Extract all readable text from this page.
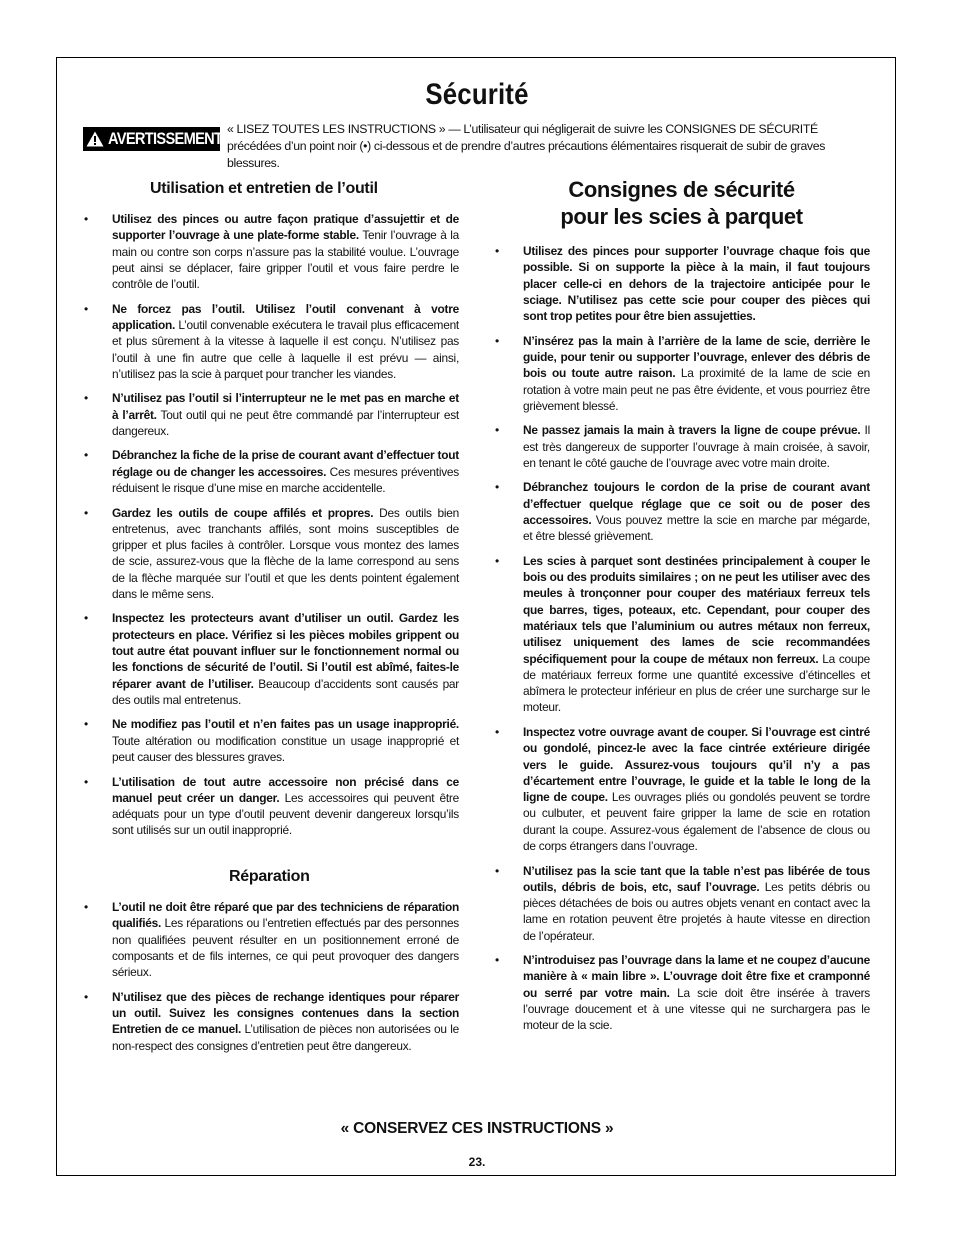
Sécurité
AVERTISSEMENT « LISEZ TOUTES LES INSTRUCTIONS » — L’utilisateur qui négligerait de suivre les CONSIGNES DE SÉCURITÉ précédées d’un point noir (•) ci-dessous et de prendre d’autres précautions élémentaires risquerait de subir de graves blessures.

Utilisation et entretien de l’outil
• Utilisez des pinces ou autre façon pratique d’assujettir et de supporter l’ouvrage à une plate-forme stable. Tenir l’ouvrage à la main ou contre son corps n’assure pas la stabilité voulue. L’ouvrage peut ainsi se déplacer, faire gripper l’outil et vous faire perdre le contrôle de l’outil.
• Ne forcez pas l’outil. Utilisez l’outil convenant à votre application. L’outil convenable exécutera le travail plus efficacement et plus sûrement à la vitesse à laquelle il est conçu. N’utilisez pas l’outil à une fin autre que celle à laquelle il est prévu — ainsi, n’utilisez pas la scie à parquet pour trancher les viandes.
• N’utilisez pas l’outil si l’interrupteur ne le met pas en marche et à l’arrêt. Tout outil qui ne peut être commandé par l’interrupteur est dangereux.
• Débranchez la fiche de la prise de courant avant d’effectuer tout réglage ou de changer les accessoires. Ces mesures préventives réduisent le risque d’une mise en marche accidentelle.
• Gardez les outils de coupe affilés et propres. Des outils bien entretenus, avec tranchants affilés, sont moins susceptibles de gripper et plus faciles à contrôler. Lorsque vous montez des lames de scie, assurez-vous que la flèche de la lame correspond au sens de la flèche marquée sur l’outil et que les dents pointent également dans le même sens.
• Inspectez les protecteurs avant d’utiliser un outil. Gardez les protecteurs en place. Vérifiez si les pièces mobiles grippent ou tout autre état pouvant influer sur le fonctionnement normal ou les fonctions de sécurité de l’outil. Si l’outil est abîmé, faites-le réparer avant de l’utiliser. Beaucoup d’accidents sont causés par des outils mal entretenus.
• Ne modifiez pas l’outil et n’en faites pas un usage inapproprié. Toute altération ou modification constitue un usage inapproprié et peut causer des blessures graves.
• L’utilisation de tout autre accessoire non précisé dans ce manuel peut créer un danger. Les accessoires qui peuvent être adéquats pour un type d’outil peuvent devenir dangereux lorsqu’ils sont utilisés sur un outil inapproprié.
Réparation
• L’outil ne doit être réparé que par des techniciens de réparation qualifiés. Les réparations ou l’entretien effectués par des personnes non qualifiées peuvent résulter en un positionnement erroné de composants et de fils internes, ce qui peut provoquer des dangers sérieux.
• N’utilisez que des pièces de rechange identiques pour réparer un outil. Suivez les consignes contenues dans la section Entretien de ce manuel. L’utilisation de pièces non autorisées ou le non-respect des consignes d’entretien peut être dangereux.
Consignes de sécurité
pour les scies à parquet
• Utilisez des pinces pour supporter l’ouvrage chaque fois que possible. Si on supporte la pièce à la main, il faut toujours placer celle-ci en dehors de la trajectoire anticipée pour le sciage. N’utilisez pas cette scie pour couper des pièces qui sont trop petites pour être bien assujetties.
• N’insérez pas la main à l’arrière de la lame de scie, derrière le guide, pour tenir ou supporter l’ouvrage, enlever des débris de bois ou toute autre raison. La proximité de la lame de scie en rotation à votre main peut ne pas être évidente, et vous pourriez être grièvement blessé.
• Ne passez jamais la main à travers la ligne de coupe prévue. Il est très dangereux de supporter l’ouvrage à main croisée, à savoir, en tenant le côté gauche de l’ouvrage avec votre main droite.
• Débranchez toujours le cordon de la prise de courant avant d’effectuer quelque réglage que ce soit ou de poser des accessoires. Vous pouvez mettre la scie en marche par mégarde, et être blessé grièvement.
• Les scies à parquet sont destinées principalement à couper le bois ou des produits similaires ; on ne peut les utiliser avec des meules à tronçonner pour couper des matériaux ferreux tels que barres, tiges, poteaux, etc. Cependant, pour couper des matériaux tels que l’aluminium ou autres métaux non ferreux, utilisez uniquement des lames de scie recommandées spécifiquement pour la coupe de métaux non ferreux. La coupe de matériaux ferreux forme une quantité excessive d’étincelles et abîmera le protecteur inférieur en plus de créer une surcharge sur le moteur.
• Inspectez votre ouvrage avant de couper. Si l’ouvrage est cintré ou gondolé, pincez-le avec la face cintrée extérieure dirigée vers le guide. Assurez-vous toujours qu’il n’y a pas d’écartement entre l’ouvrage, le guide et la table le long de la ligne de coupe. Les ouvrages pliés ou gondolés peuvent se tordre ou culbuter, et peuvent faire gripper la lame de scie en rotation durant la coupe. Assurez-vous également de l’absence de clous ou de corps étrangers dans l’ouvrage.
• N’utilisez pas la scie tant que la table n’est pas libérée de tous outils, débris de bois, etc, sauf l’ouvrage. Les petits débris ou pièces détachées de bois ou autres objets venant en contact avec la lame en rotation peuvent être projetés à haute vitesse en direction de l’opérateur.
• N’introduisez pas l’ouvrage dans la lame et ne coupez d’aucune manière à « main libre ». L’ouvrage doit être fixe et cramponné ou serré par votre main. La scie doit être insérée à travers l’ouvrage doucement et à une vitesse qui ne surchargera pas le moteur de la scie.

« CONSERVEZ CES INSTRUCTIONS »

23.
